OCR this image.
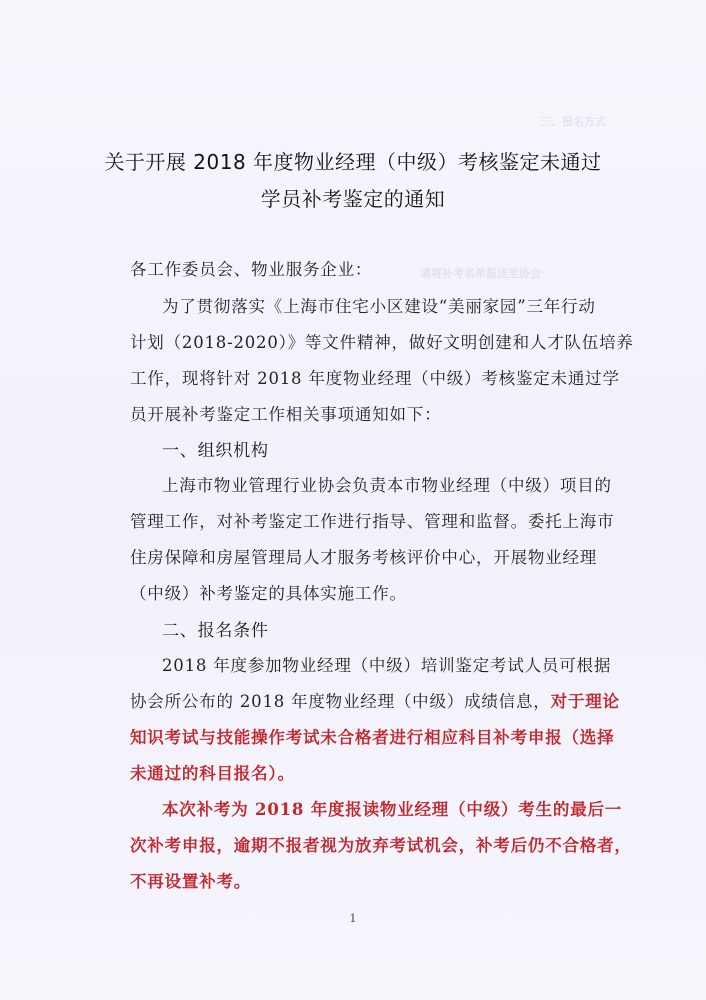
三、报名方式
请将补考名单报送至协会
关于开展 2018 年度物业经理（中级）考核鉴定未通过
学员补考鉴定的通知
各工作委员会、物业服务企业：
为了贯彻落实《上海市住宅小区建设“美丽家园”三年行动
计划（2018-2020）》等文件精神，做好文明创建和人才队伍培养
工作，现将针对 2018 年度物业经理（中级）考核鉴定未通过学
员开展补考鉴定工作相关事项通知如下：
一、组织机构
上海市物业管理行业协会负责本市物业经理（中级）项目的
管理工作，对补考鉴定工作进行指导、管理和监督。委托上海市
住房保障和房屋管理局人才服务考核评价中心，开展物业经理
（中级）补考鉴定的具体实施工作。
二、报名条件
2018 年度参加物业经理（中级）培训鉴定考试人员可根据
协会所公布的 2018 年度物业经理（中级）成绩信息，对于理论
知识考试与技能操作考试未合格者进行相应科目补考申报（选择
未通过的科目报名）。
本次补考为 2018 年度报读物业经理（中级）考生的最后一
次补考申报，逾期不报者视为放弃考试机会，补考后仍不合格者，
不再设置补考。
1
